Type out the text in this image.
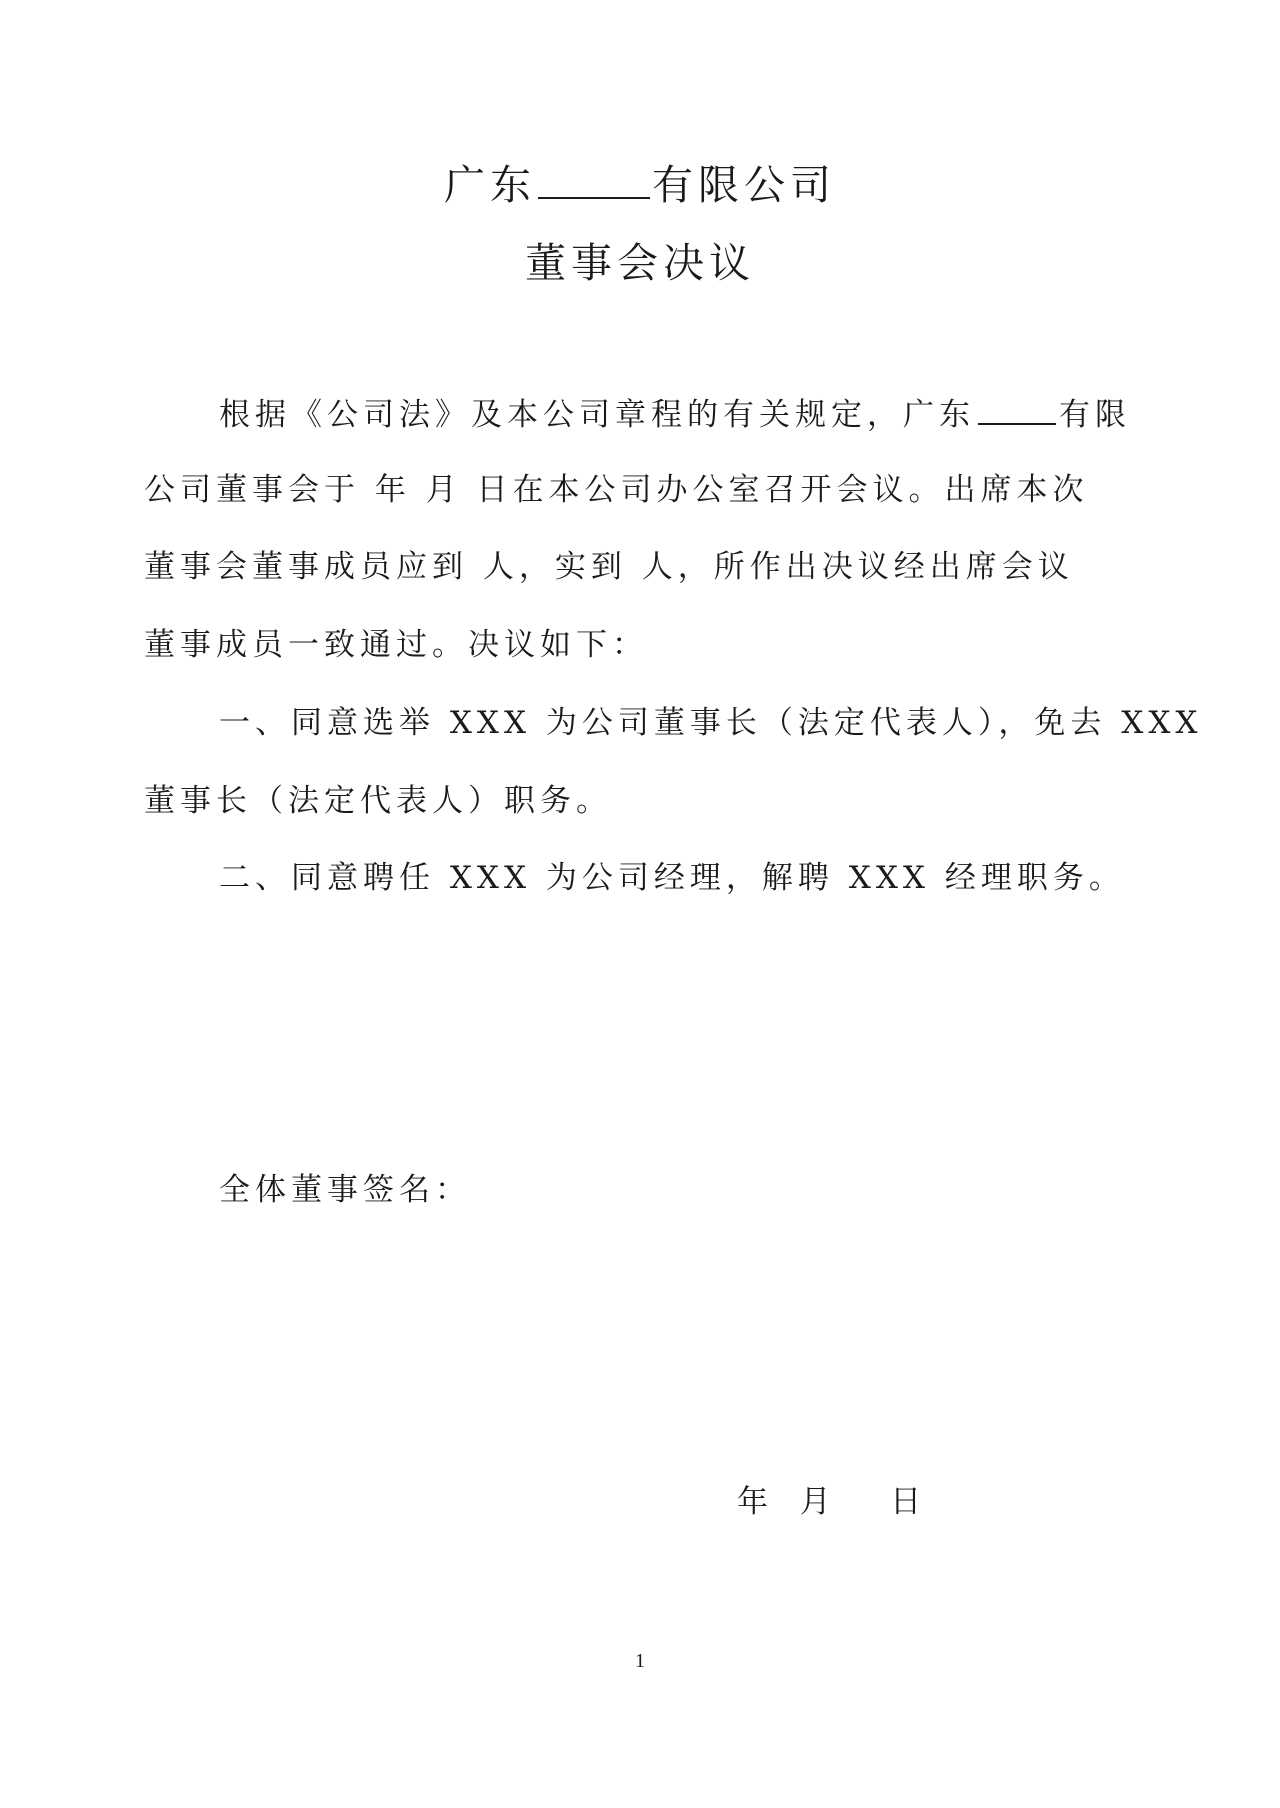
广东	有限公司
董事会决议
根据《公司法》及本公司章程的有关规定，广东	有限
公司董事会于 年 月 日在本公司办公室召开会议。出席本次
董事会董事成员应到 人，实到 人，所作出决议经出席会议
董事成员一致通过。决议如下：
一、同意选举 XXX 为公司董事长（法定代表人），免去 XXX
董事长（法定代表人）职务。
二、同意聘任 XXX 为公司经理，解聘 XXX 经理职务。
全体董事签名：
年  月    日
1
